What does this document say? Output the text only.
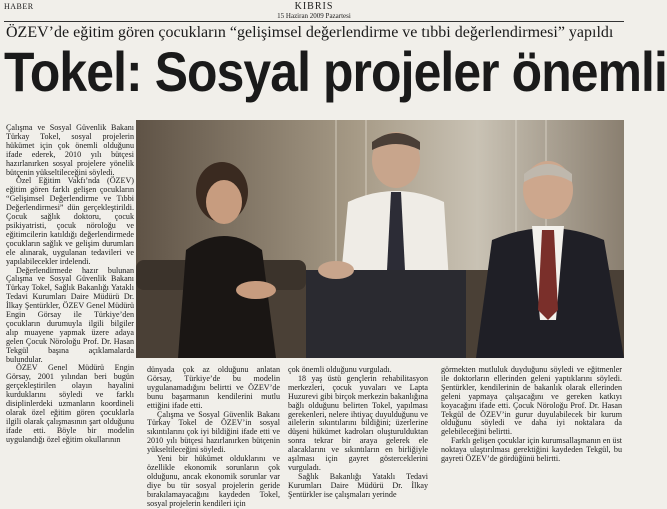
HABER	KIBRIS
15 Haziran 2009 Pazartesi
ÖZEV’de eğitim gören çocukların “gelişimsel değerlendirme ve tıbbi değerlendirmesi” yapıldı
Tokel: Sosyal projeler önemli

Çalışma ve Sosyal Güvenlik Bakanı Türkay Tokel, sosyal projelerin hükümet için çok önemli olduğunu ifade ederek, 2010 yılı bütçesi hazırlanırken sosyal projelere yönelik bütçenin yükseltileceğini söyledi.

Özel Eğitim Vakfı’nda (ÖZEV) eğitim gören farklı gelişen çocukların “Gelişimsel Değerlendirme ve Tıbbi Değerlendirmesi” dün gerçekleştirildi. Çocuk sağlık doktoru, çocuk psikiyatristi, çocuk nöroloğu ve eğitimcilerin katıldığı değerlendirmede çocukların sağlık ve gelişim durumları ele alınarak, uygulanan tedavileri ve yapılabilecekler irdelendi.

Değerlendirmede hazır bulunan Çalışma ve Sosyal Güvenlik Bakanı Türkay Tokel, Sağlık Bakanlığı Yataklı Tedavi Kurumları Daire Müdürü Dr. İlkay Şentürkler, ÖZEV Genel Müdürü Engin Görsay ile Türkiye’den çocukların durumuyla ilgili bilgiler alıp muayene yapmak üzere adaya gelen Çocuk Nöroloğu Prof. Dr. Hasan Tekgül başına açıklamalarda bulundular.

ÖZEV Genel Müdürü Engin Görsay, 2001 yılından beri bugün gerçekleştirilen olayın hayalini kurduklarını söyledi ve farklı disiplinlerdeki uzmanların koordineli olarak özel eğitim gören çocuklarla ilgili olarak çalışmasının şart olduğunu ifade etti. Böyle bir modelin uygulandığı özel eğitim okullarının

dünyada çok az olduğunu anlatan Görsay, Türkiye’de bu modelin uygulanamadığını belirtti ve ÖZEV’de bunu başarmanın kendilerini mutlu ettiğini ifade etti.

Çalışma ve Sosyal Güvenlik Bakanı Türkay Tokel de ÖZEV’in sosyal sıkıntılarını çok iyi bildiğini ifade etti ve 2010 yılı bütçesi hazırlanırken bütçenin yükseltileceğini söyledi.

Yeni bir hükümet olduklarını ve özellikle ekonomik sorunların çok olduğunu, ancak ekonomik sorunlar var diye bu tür sosyal projelerin geride bırakılamayacağını kaydeden Tokel, sosyal projelerin kendileri için

çok önemli olduğunu vurguladı.

18 yaş üstü gençlerin rehabilitasyon merkezleri, çocuk yuvaları ve Lapta Huzurevi gibi birçok merkezin bakanlığına bağlı olduğunu belirten Tokel, yapılması gerekenleri, nelere ihtiyaç duyulduğunu ve ailelerin sıkıntılarını bildiğini; üzerlerine düşeni hükümet kadroları oluşturulduktan sonra tekrar bir araya gelerek ele alacaklarını ve sıkıntıların en birliğiyle aşılması için gayret gösterceklerini vurguladı.

Sağlık Bakanlığı Yataklı Tedavi Kurumları Daire Müdürü Dr. İlkay Şentürkler ise çalışmaları yerinde

görmekten mutluluk duyduğunu söyledi ve eğitmenler ile doktorların ellerinden geleni yaptıklarını söyledi. Şentürkler, kendilerinin de bakanlık olarak ellerinden geleni yapmaya çalışacağını ve gereken katkıyı koyacağını ifade etti. Çocuk Nöroloğu Prof. Dr. Hasan Tekgül de ÖZEV’in gurur duyulabilecek bir kurum olduğunu söyledi ve daha iyi noktalara da gelebileceğini belirtti.

Farklı gelişen çocuklar için kurumsallaşmanın en üst noktaya ulaştırılması gerektiğini kaydeden Tekgül, bu gayreti ÖZEV’de gördüğünü belirtti.
